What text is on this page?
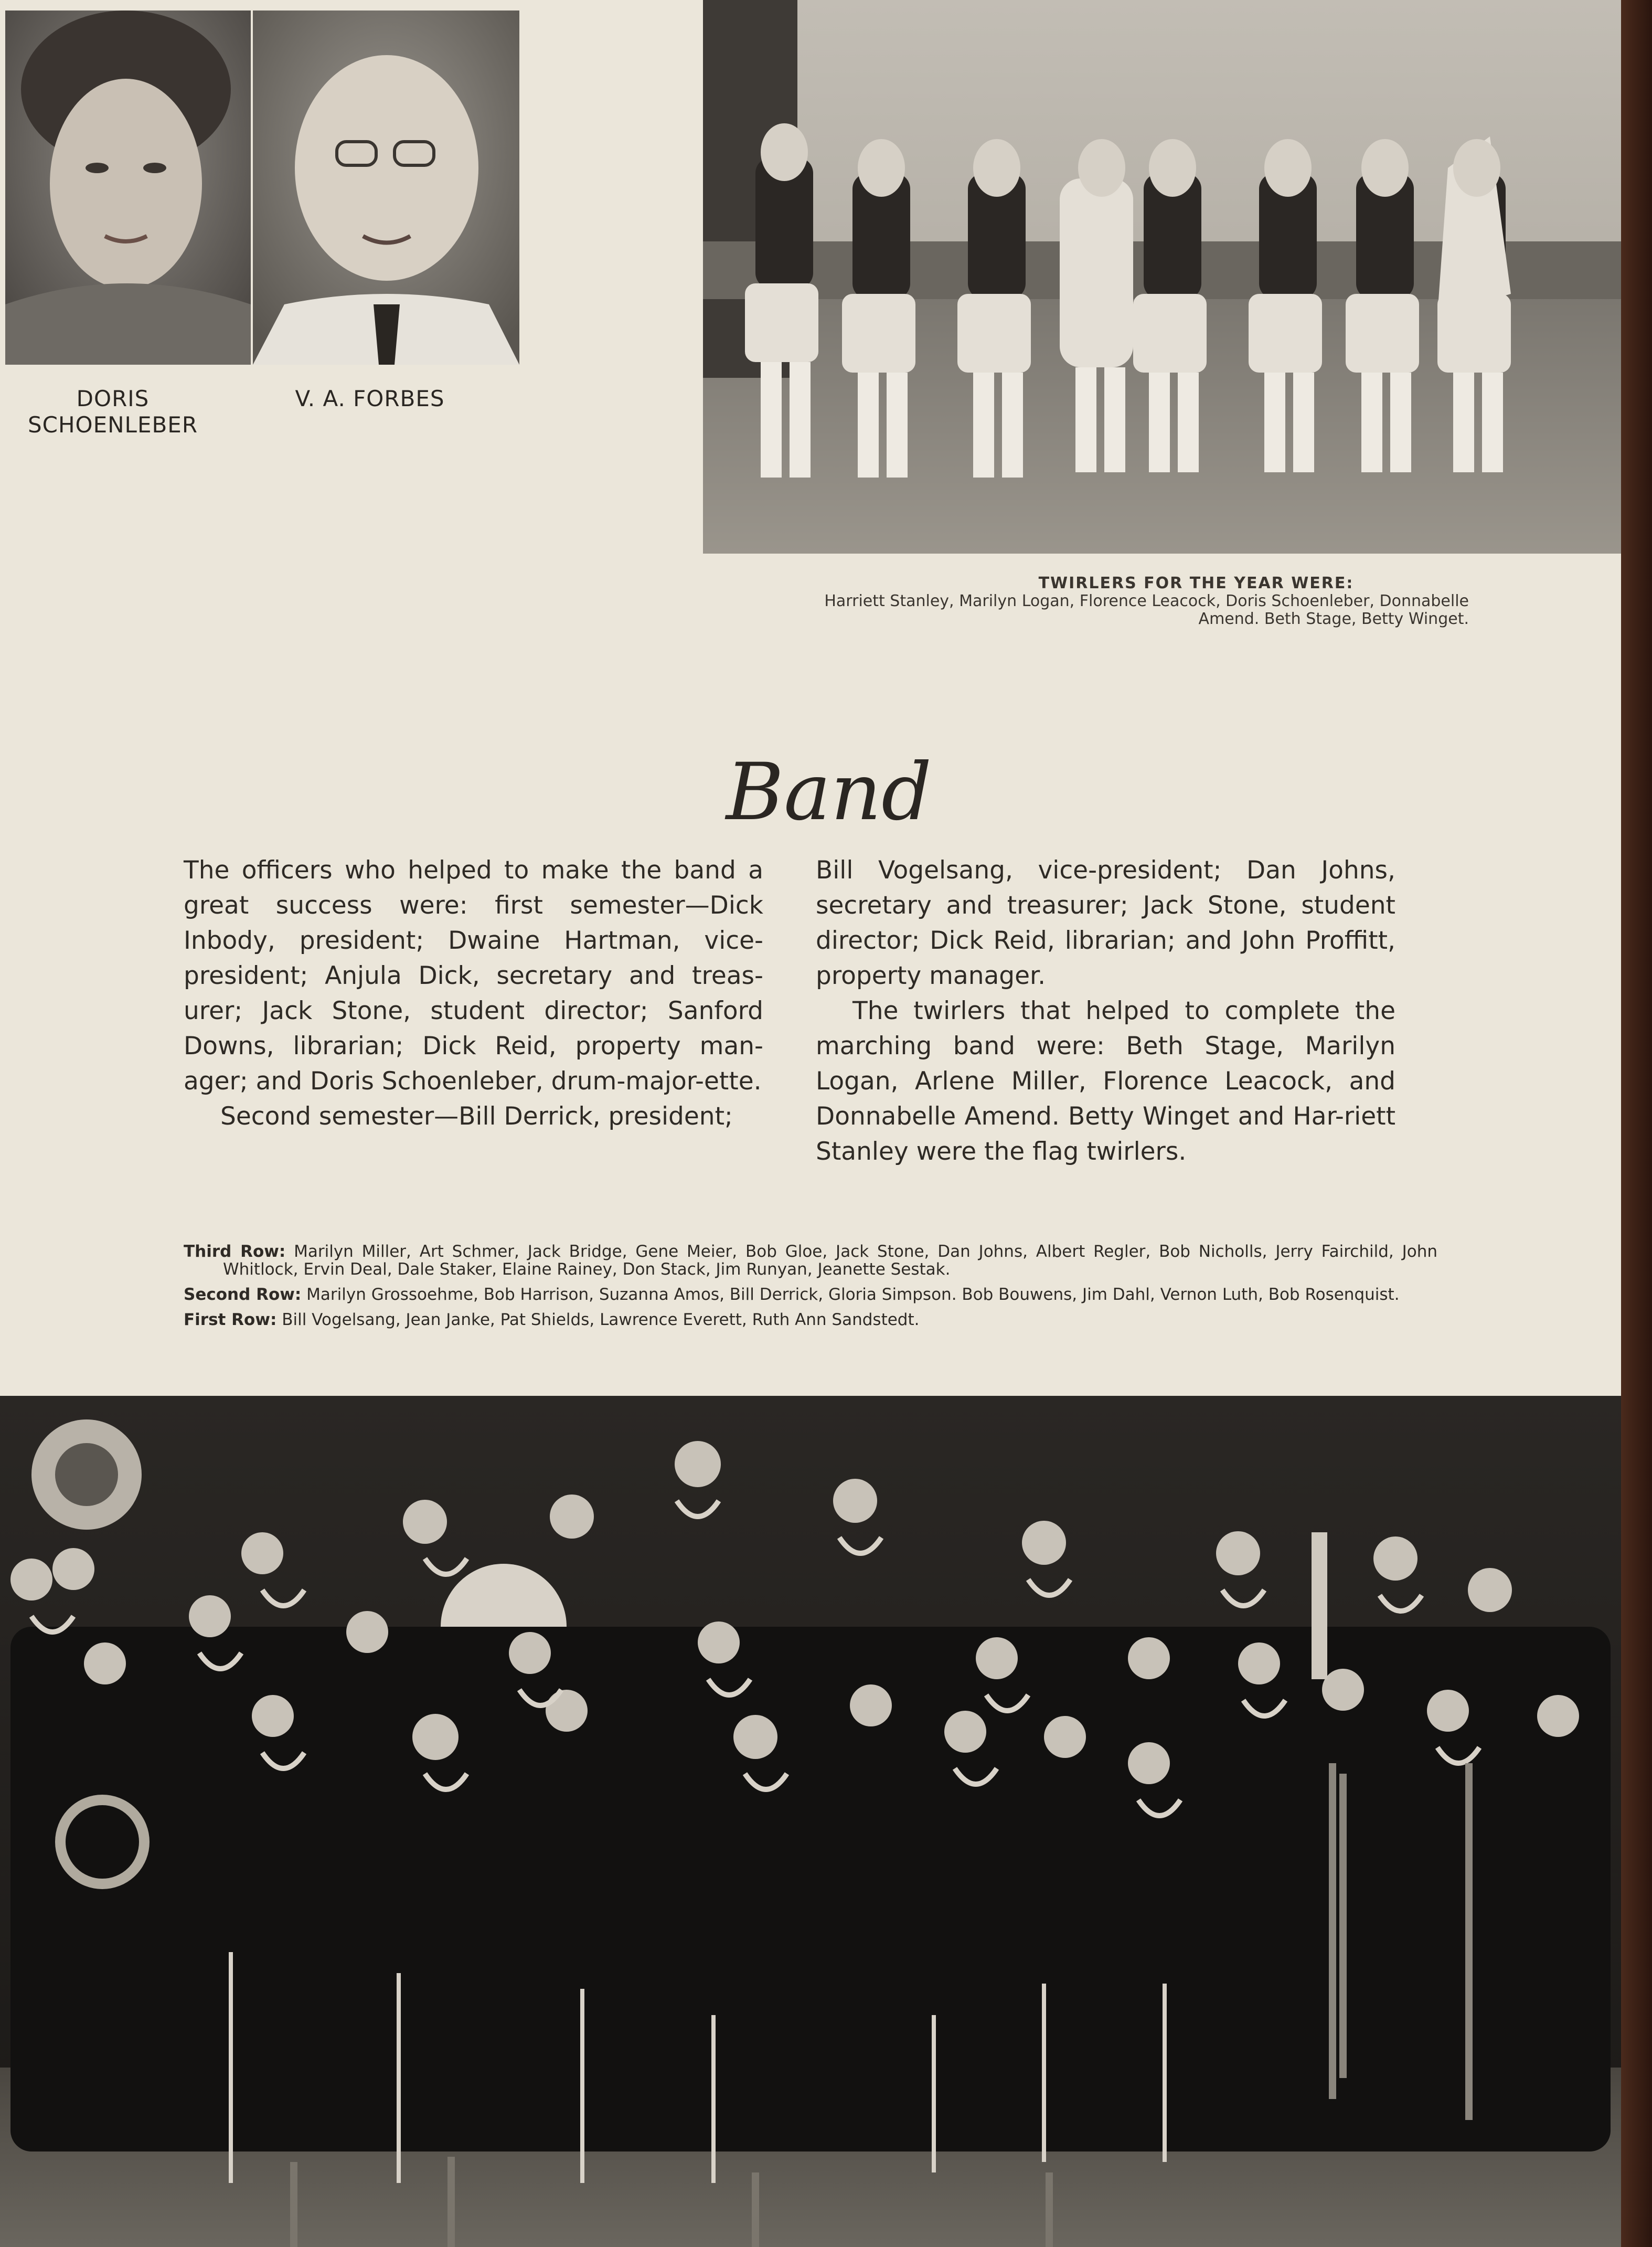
DORIS
SCHOENLEBER
V. A. FORBES
TWIRLERS FOR THE YEAR WERE:
Harriett Stanley, Marilyn Logan, Florence Leacock, Doris Schoenleber, Donnabelle Amend. Beth Stage, Betty Winget.
Band

The officers who helped to make the band a great success were: first semester—Dick Inbody, president; Dwaine Hartman, vice-president; Anjula Dick, secretary and treas-urer; Jack Stone, student director; Sanford Downs, librarian; Dick Reid, property man-ager; and Doris Schoenleber, drum-major-ette.

Second semester—Bill Derrick, president;

Bill Vogelsang, vice-president; Dan Johns, secretary and treasurer; Jack Stone, student director; Dick Reid, librarian; and John Proffitt, property manager.

The twirlers that helped to complete the marching band were: Beth Stage, Marilyn Logan, Arlene Miller, Florence Leacock, and Donnabelle Amend. Betty Winget and Har-riett Stanley were the flag twirlers.

Third Row: Marilyn Miller, Art Schmer, Jack Bridge, Gene Meier, Bob Gloe, Jack Stone, Dan Johns, Albert Regler, Bob Nicholls, Jerry Fairchild, John Whitlock, Ervin Deal, Dale Staker, Elaine Rainey, Don Stack, Jim Runyan, Jeanette Sestak.

Second Row: Marilyn Grossoehme, Bob Harrison, Suzanna Amos, Bill Derrick, Gloria Simpson. Bob Bouwens, Jim Dahl, Vernon Luth, Bob Rosenquist.

First Row: Bill Vogelsang, Jean Janke, Pat Shields, Lawrence Everett, Ruth Ann Sandstedt.
